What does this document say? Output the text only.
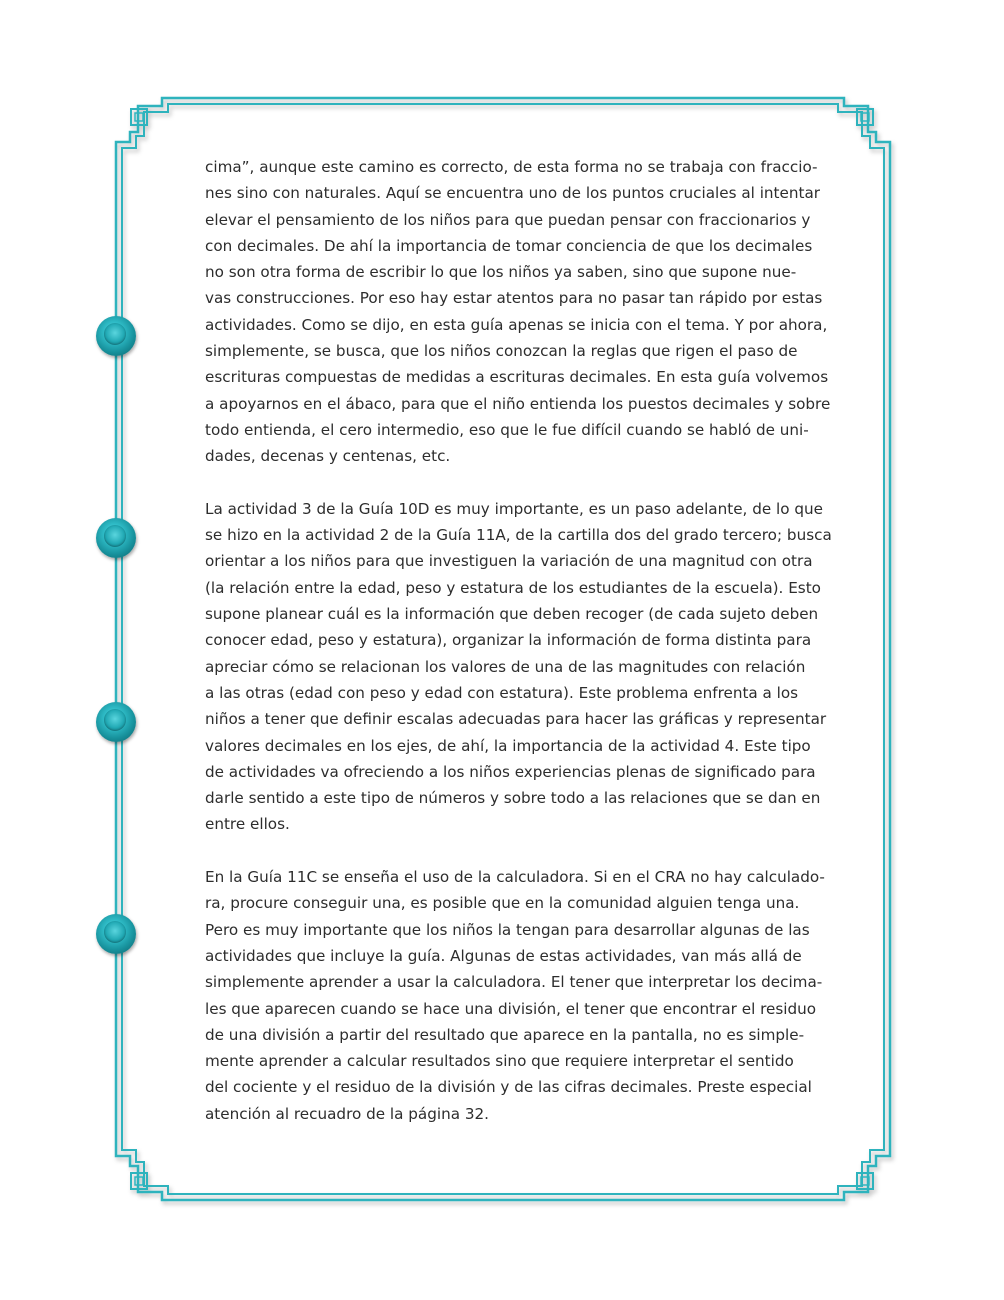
cima”, aunque este camino es correcto, de esta forma no se trabaja con fraccio-
nes sino con naturales. Aquí se encuentra uno de los puntos cruciales al intentar
elevar el pensamiento de los niños para que puedan pensar con fraccionarios y
con decimales. De ahí la importancia de tomar conciencia de que los decimales
no son otra forma de escribir lo que los niños ya saben, sino que supone nue-
vas construcciones. Por eso hay estar atentos para no pasar tan rápido por estas
actividades. Como se dijo, en esta guía apenas se inicia con el tema. Y por ahora,
simplemente, se busca, que los niños conozcan la reglas que rigen el paso de
escrituras compuestas de medidas a escrituras decimales. En esta guía volvemos
a apoyarnos en el ábaco, para que el niño entienda los puestos decimales y sobre
todo entienda, el cero intermedio, eso que le fue difícil cuando se habló de uni-
dades, decenas y centenas, etc.

La actividad 3 de la Guía 10D es muy importante, es un paso adelante, de lo que
se hizo en la actividad 2 de la Guía 11A, de la cartilla dos del grado tercero; busca
orientar a los niños para que investiguen la variación de una magnitud con otra
(la relación entre la edad, peso y estatura de los estudiantes de la escuela). Esto
supone planear cuál es la información que deben recoger (de cada sujeto deben
conocer edad, peso y estatura), organizar la información de forma distinta para
apreciar cómo se relacionan los valores de una de las magnitudes con relación
a las otras (edad con peso y edad con estatura). Este problema enfrenta a los
niños a tener que definir escalas adecuadas para hacer las gráficas y representar
valores decimales en los ejes, de ahí, la importancia de la actividad 4. Este tipo
de actividades va ofreciendo a los niños experiencias plenas de significado para
darle sentido a este tipo de números y sobre todo a las relaciones que se dan en
entre ellos.

En la Guía 11C se enseña el uso de la calculadora. Si en el CRA no hay calculado-
ra, procure conseguir una, es posible que en la comunidad alguien tenga una.
Pero es muy importante que los niños la tengan para desarrollar algunas de las
actividades que incluye la guía. Algunas de estas actividades, van más allá de
simplemente aprender a usar la calculadora. El tener que interpretar los decima-
les que aparecen cuando se hace una división, el tener que encontrar el residuo
de una división a partir del resultado que aparece en la pantalla, no es simple-
mente aprender a calcular resultados sino que requiere interpretar el sentido
del cociente y el residuo de la división y de las cifras decimales. Preste especial
atención al recuadro de la página 32.
